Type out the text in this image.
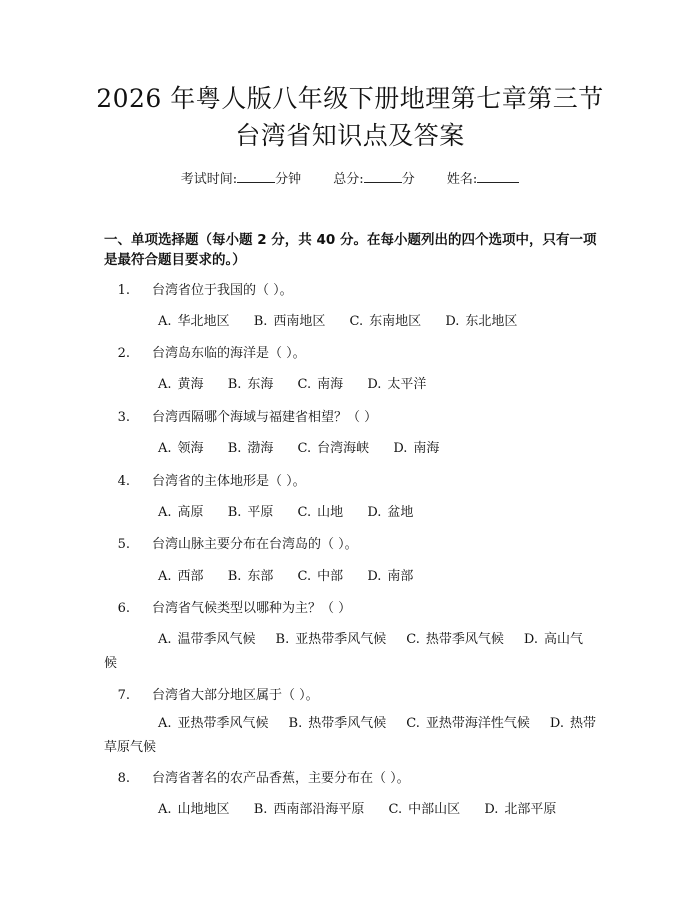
2026 年粤人版八年级下册地理第七章第三节
台湾省知识点及答案
考试时间:	分钟 总分:	分 姓名:

一、单项选择题（每小题 2 分，共 40 分。在每小题列出的四个选项中，只有一项是最符合题目要求的。）

1. 台湾省位于我国的（ ）。
A. 华北地区 B. 西南地区 C. 东南地区 D. 东北地区
2. 台湾岛东临的海洋是（ ）。
A. 黄海 B. 东海 C. 南海 D. 太平洋
3. 台湾西隔哪个海域与福建省相望？（ ）
A. 领海 B. 渤海 C. 台湾海峡 D. 南海
4. 台湾省的主体地形是（ ）。
A. 高原 B. 平原 C. 山地 D. 盆地
5. 台湾山脉主要分布在台湾岛的（ ）。
A. 西部 B. 东部 C. 中部 D. 南部
6. 台湾省气候类型以哪种为主？（ ）
A. 温带季风气候 B. 亚热带季风气候 C. 热带季风气候 D. 高山气候
7. 台湾省大部分地区属于（ ）。
A. 亚热带季风气候 B. 热带季风气候 C. 亚热带海洋性气候 D. 热带草原气候
8. 台湾省著名的农产品香蕉，主要分布在（ ）。
A. 山地地区 B. 西南部沿海平原 C. 中部山区 D. 北部平原
